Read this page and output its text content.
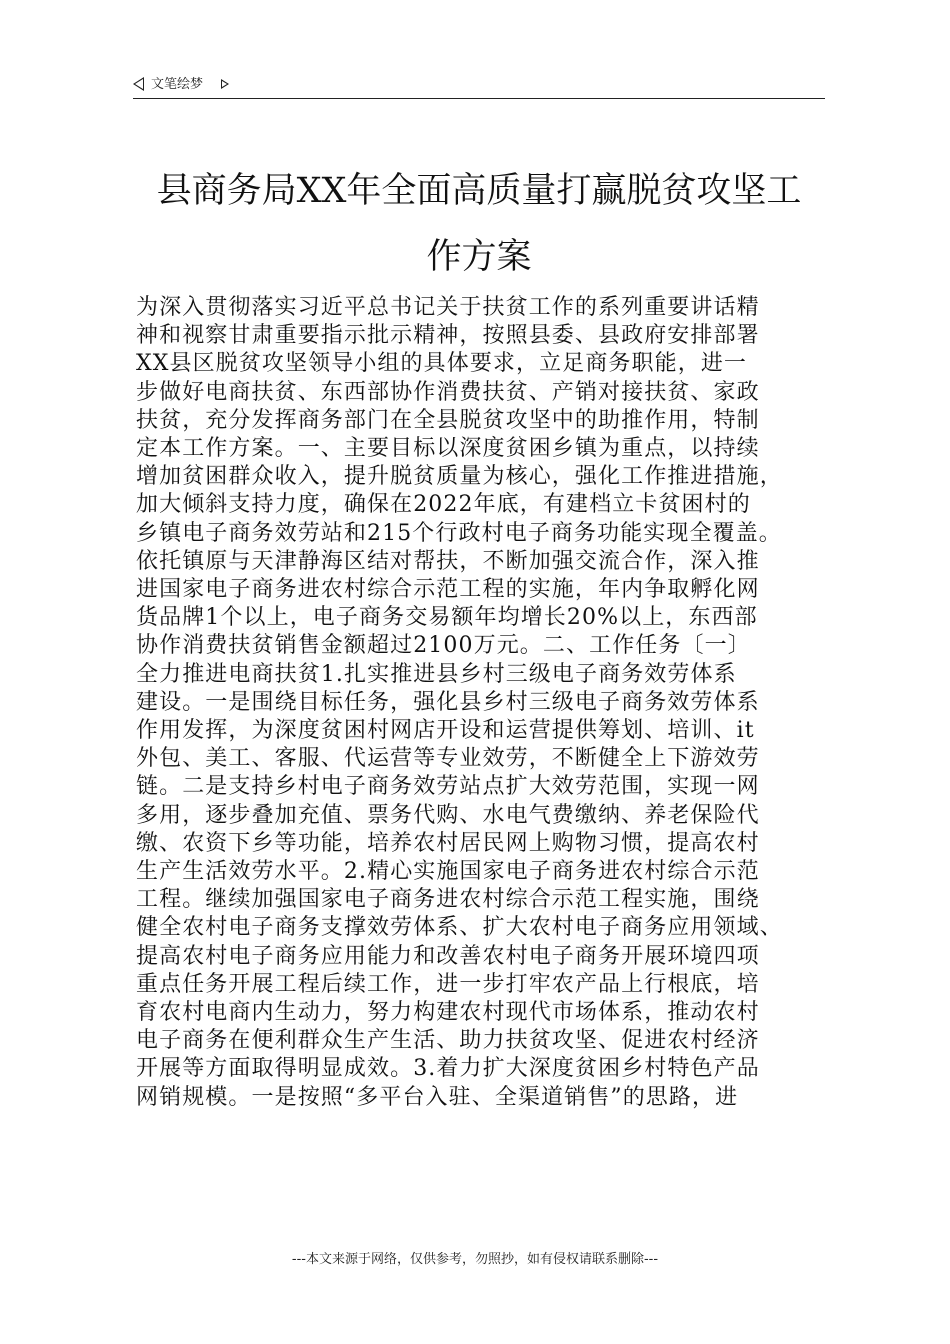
文笔绘梦
县商务局XX年全面高质量打赢脱贫攻坚工
作方案
为深入贯彻落实习近平总书记关于扶贫工作的系列重要讲话精
神和视察甘肃重要指示批示精神，按照县委、县政府安排部署
XX县区脱贫攻坚领导小组的具体要求，立足商务职能，进一
步做好电商扶贫、东西部协作消费扶贫、产销对接扶贫、家政
扶贫，充分发挥商务部门在全县脱贫攻坚中的助推作用，特制
定本工作方案。一、主要目标以深度贫困乡镇为重点，以持续
增加贫困群众收入，提升脱贫质量为核心，强化工作推进措施，
加大倾斜支持力度，确保在2022年底，有建档立卡贫困村的
乡镇电子商务效劳站和215个行政村电子商务功能实现全覆盖。
依托镇原与天津静海区结对帮扶，不断加强交流合作，深入推
进国家电子商务进农村综合示范工程的实施，年内争取孵化网
货品牌1个以上，电子商务交易额年均增长20%以上，东西部
协作消费扶贫销售金额超过2100万元。二、工作任务〔一〕
全力推进电商扶贫1.扎实推进县乡村三级电子商务效劳体系
建设。一是围绕目标任务，强化县乡村三级电子商务效劳体系
作用发挥，为深度贫困村网店开设和运营提供筹划、培训、it
外包、美工、客服、代运营等专业效劳，不断健全上下游效劳
链。二是支持乡村电子商务效劳站点扩大效劳范围，实现一网
多用，逐步叠加充值、票务代购、水电气费缴纳、养老保险代
缴、农资下乡等功能，培养农村居民网上购物习惯，提高农村
生产生活效劳水平。2.精心实施国家电子商务进农村综合示范
工程。继续加强国家电子商务进农村综合示范工程实施，围绕
健全农村电子商务支撑效劳体系、扩大农村电子商务应用领域、
提高农村电子商务应用能力和改善农村电子商务开展环境四项
重点任务开展工程后续工作，进一步打牢农产品上行根底，培
育农村电商内生动力，努力构建农村现代市场体系，推动农村
电子商务在便利群众生产生活、助力扶贫攻坚、促进农村经济
开展等方面取得明显成效。3.着力扩大深度贫困乡村特色产品
网销规模。一是按照“多平台入驻、全渠道销售”的思路，进
---本文来源于网络，仅供参考，勿照抄，如有侵权请联系删除---
